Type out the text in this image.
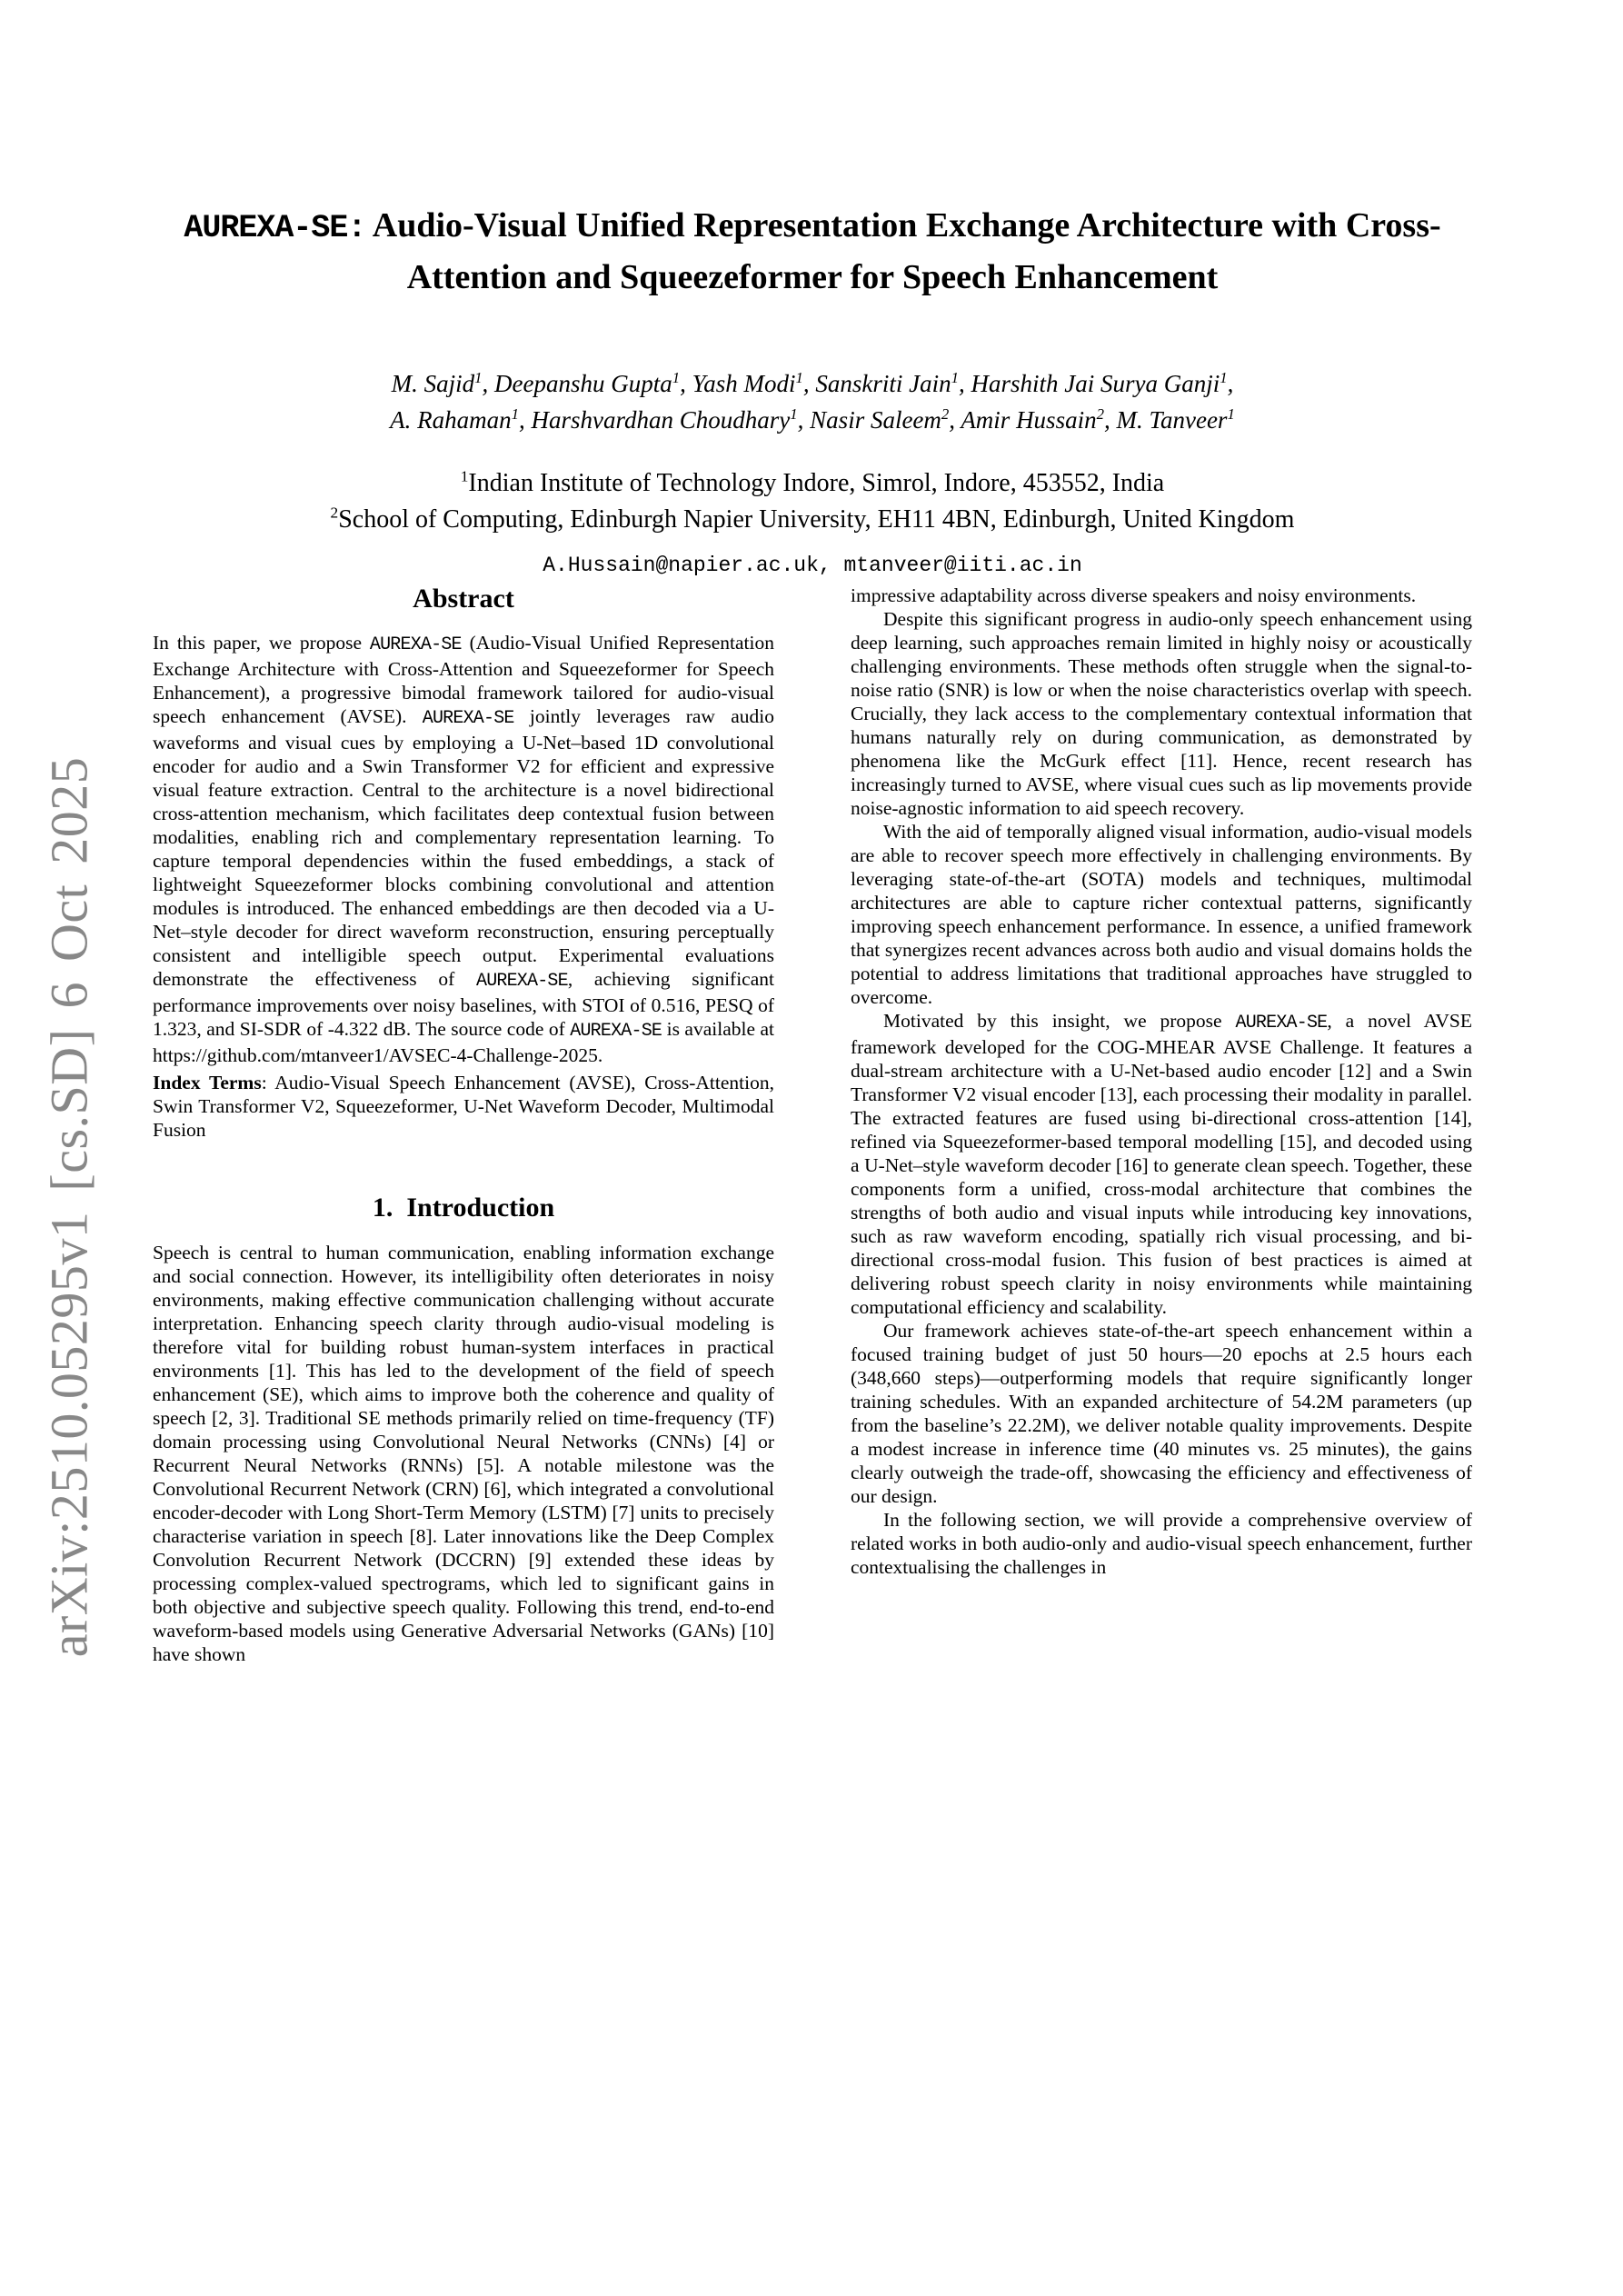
arXiv:2510.05295v1 [cs.SD] 6 Oct 2025
AUREXA-SE: Audio-Visual Unified Representation Exchange Architecture with Cross-Attention and Squeezeformer for Speech Enhancement
M. Sajid$^1$, Deepanshu Gupta$^1$, Yash Modi$^1$, Sanskriti Jain$^1$, Harshith Jai Surya Ganji$^1$,
A. Rahaman$^1$, Harshvardhan Choudhary$^1$, Nasir Saleem$^2$, Amir Hussain$^2$, M. Tanveer$^1$
$^1$Indian Institute of Technology Indore, Simrol, Indore, 453552, India
$^2$School of Computing, Edinburgh Napier University, EH11 4BN, Edinburgh, United Kingdom
A.Hussain@napier.ac.uk, mtanveer@iiti.ac.in
Abstract

In this paper, we propose AUREXA-SE (Audio-Visual Unified Representation Exchange Architecture with Cross-Attention and Squeezeformer for Speech Enhancement), a progressive bimodal framework tailored for audio-visual speech enhancement (AVSE). AUREXA-SE jointly leverages raw audio waveforms and visual cues by employing a U-Net–based 1D convolutional encoder for audio and a Swin Transformer V2 for efficient and expressive visual feature extraction. Central to the architecture is a novel bidirectional cross-attention mechanism, which facilitates deep contextual fusion between modalities, enabling rich and complementary representation learning. To capture temporal dependencies within the fused embeddings, a stack of lightweight Squeezeformer blocks combining convolutional and attention modules is introduced. The enhanced embeddings are then decoded via a U-Net–style decoder for direct waveform reconstruction, ensuring perceptually consistent and intelligible speech output. Experimental evaluations demonstrate the effectiveness of AUREXA-SE, achieving significant performance improvements over noisy baselines, with STOI of 0.516, PESQ of 1.323, and SI-SDR of -4.322 dB. The source code of AUREXA-SE is available at https://github.com/mtanveer1/AVSEC-4-Challenge-2025.

Index Terms: Audio-Visual Speech Enhancement (AVSE), Cross-Attention, Swin Transformer V2, Squeezeformer, U-Net Waveform Decoder, Multimodal Fusion

1. Introduction

Speech is central to human communication, enabling information exchange and social connection. However, its intelligibility often deteriorates in noisy environments, making effective communication challenging without accurate interpretation. Enhancing speech clarity through audio-visual modeling is therefore vital for building robust human-system interfaces in practical environments [1]. This has led to the development of the field of speech enhancement (SE), which aims to improve both the coherence and quality of speech [2, 3]. Traditional SE methods primarily relied on time-frequency (TF) domain processing using Convolutional Neural Networks (CNNs) [4] or Recurrent Neural Networks (RNNs) [5]. A notable milestone was the Convolutional Recurrent Network (CRN) [6], which integrated a convolutional encoder-decoder with Long Short-Term Memory (LSTM) [7] units to precisely characterise variation in speech [8]. Later innovations like the Deep Complex Convolution Recurrent Network (DCCRN) [9] extended these ideas by processing complex-valued spectrograms, which led to significant gains in both objective and subjective speech quality. Following this trend, end-to-end waveform-based models using Generative Adversarial Networks (GANs) [10] have shown

impressive adaptability across diverse speakers and noisy environments.

Despite this significant progress in audio-only speech enhancement using deep learning, such approaches remain limited in highly noisy or acoustically challenging environments. These methods often struggle when the signal-to-noise ratio (SNR) is low or when the noise characteristics overlap with speech. Crucially, they lack access to the complementary contextual information that humans naturally rely on during communication, as demonstrated by phenomena like the McGurk effect [11]. Hence, recent research has increasingly turned to AVSE, where visual cues such as lip movements provide noise-agnostic information to aid speech recovery.

With the aid of temporally aligned visual information, audio-visual models are able to recover speech more effectively in challenging environments. By leveraging state-of-the-art (SOTA) models and techniques, multimodal architectures are able to capture richer contextual patterns, significantly improving speech enhancement performance. In essence, a unified framework that synergizes recent advances across both audio and visual domains holds the potential to address limitations that traditional approaches have struggled to overcome.

Motivated by this insight, we propose AUREXA-SE, a novel AVSE framework developed for the COG-MHEAR AVSE Challenge. It features a dual-stream architecture with a U-Net-based audio encoder [12] and a Swin Transformer V2 visual encoder [13], each processing their modality in parallel. The extracted features are fused using bi-directional cross-attention [14], refined via Squeezeformer-based temporal modelling [15], and decoded using a U-Net–style waveform decoder [16] to generate clean speech. Together, these components form a unified, cross-modal architecture that combines the strengths of both audio and visual inputs while introducing key innovations, such as raw waveform encoding, spatially rich visual processing, and bi-directional cross-modal fusion. This fusion of best practices is aimed at delivering robust speech clarity in noisy environments while maintaining computational efficiency and scalability.

Our framework achieves state-of-the-art speech enhancement within a focused training budget of just 50 hours—20 epochs at 2.5 hours each (348,660 steps)—outperforming models that require significantly longer training schedules. With an expanded architecture of 54.2M parameters (up from the baseline’s 22.2M), we deliver notable quality improvements. Despite a modest increase in inference time (40 minutes vs. 25 minutes), the gains clearly outweigh the trade-off, showcasing the efficiency and effectiveness of our design.

In the following section, we will provide a comprehensive overview of related works in both audio-only and audio-visual speech enhancement, further contextualising the challenges in
